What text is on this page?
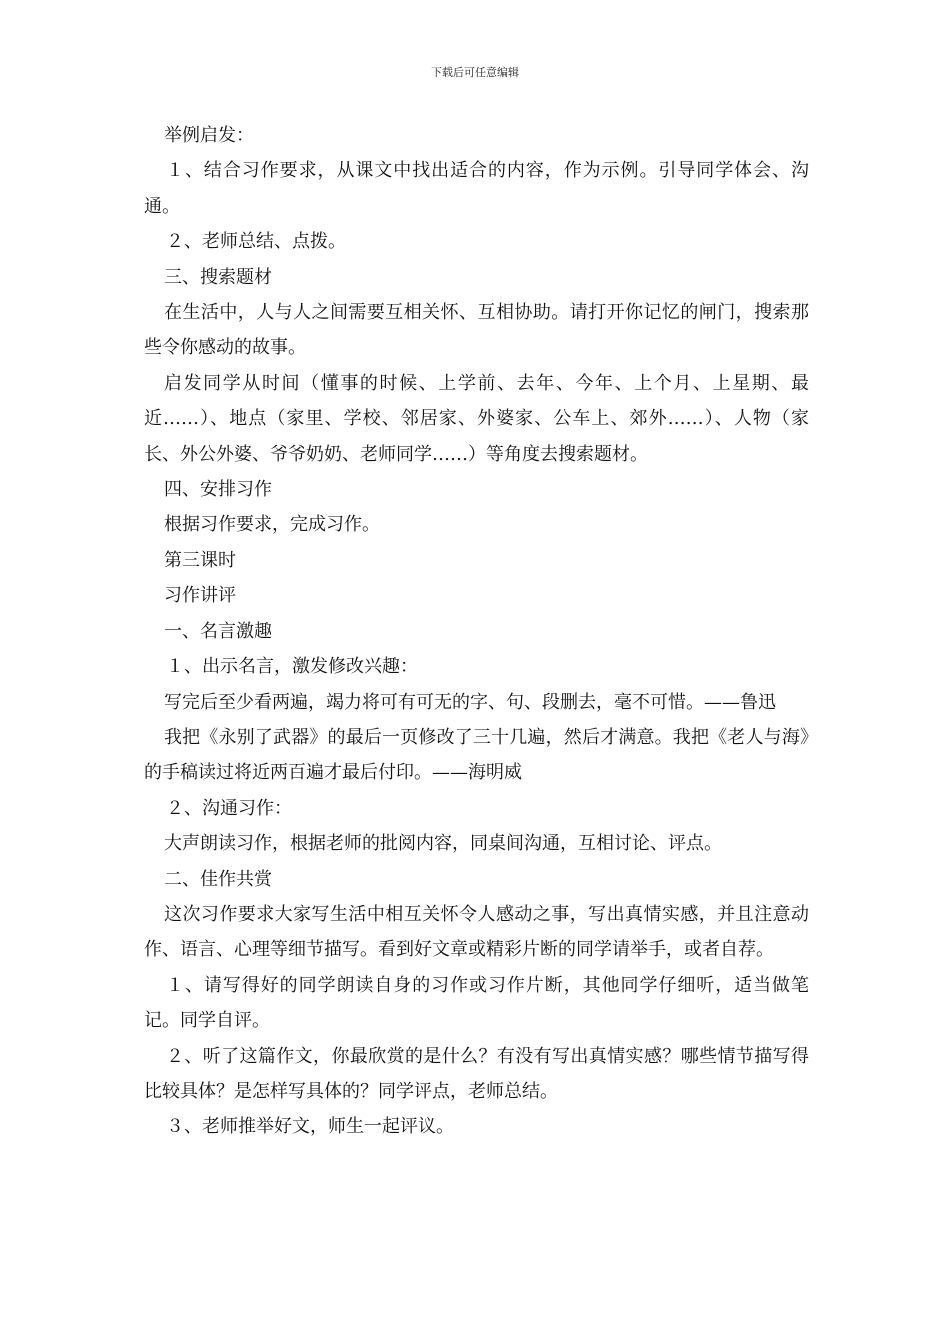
下载后可任意编辑

举例启发：

１、结合习作要求，从课文中找出适合的内容，作为示例。引导同学体会、沟通。

２、老师总结、点拨。

三、搜索题材

在生活中，人与人之间需要互相关怀、互相协助。请打开你记忆的闸门，搜索那些令你感动的故事。

启发同学从时间（懂事的时候、上学前、去年、今年、上个月、上星期、最近……）、地点（家里、学校、邻居家、外婆家、公车上、郊外……）、人物（家长、外公外婆、爷爷奶奶、老师同学……）等角度去搜索题材。

四、安排习作

根据习作要求，完成习作。

第三课时

习作讲评

一、名言激趣

１、出示名言，激发修改兴趣：

写完后至少看两遍，竭力将可有可无的字、句、段删去，毫不可惜。——鲁迅

我把《永别了武器》的最后一页修改了三十几遍，然后才满意。我把《老人与海》的手稿读过将近两百遍才最后付印。——海明威

２、沟通习作：

大声朗读习作，根据老师的批阅内容，同桌间沟通，互相讨论、评点。

二、佳作共赏

这次习作要求大家写生活中相互关怀令人感动之事，写出真情实感，并且注意动作、语言、心理等细节描写。看到好文章或精彩片断的同学请举手，或者自荐。

１、请写得好的同学朗读自身的习作或习作片断，其他同学仔细听，适当做笔记。同学自评。

２、听了这篇作文，你最欣赏的是什么？有没有写出真情实感？哪些情节描写得比较具体？是怎样写具体的？同学评点，老师总结。

３、老师推举好文，师生一起评议。
